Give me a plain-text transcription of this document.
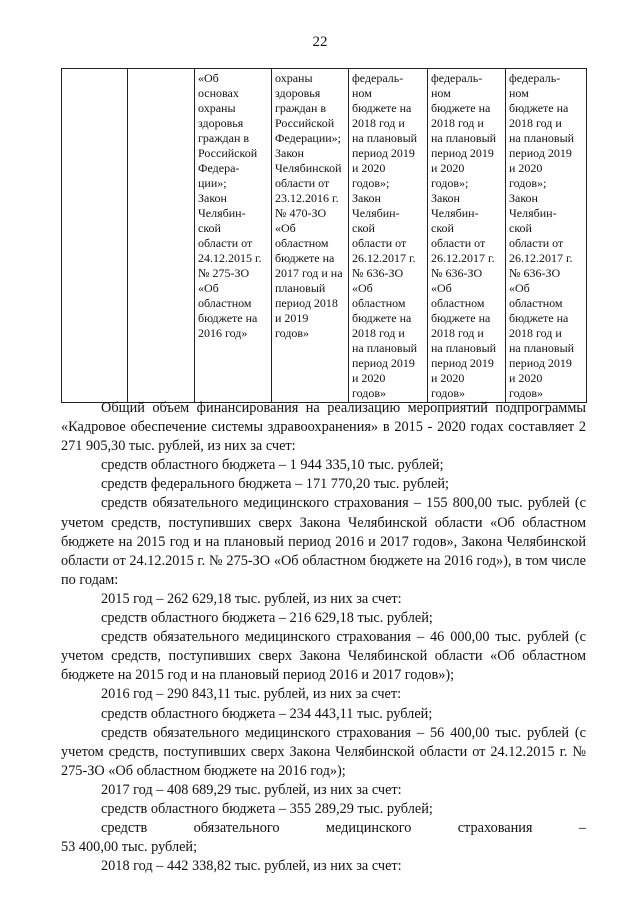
22
		«Об
основах
охраны
здоровья
граждан в
Российской
Федера-
ции»;
Закон
Челябин-
ской
области от
24.12.2015 г.
№ 275-ЗО
«Об
областном
бюджете на
2016 год»	охраны
здоровья
граждан в
Российской
Федерации»;
Закон
Челябинской
области от
23.12.2016 г.
№ 470-ЗО
«Об
областном
бюджете на
2017 год и на
плановый
период 2018
и 2019
годов»	федераль-
ном
бюджете на
2018 год и
на плановый
период 2019
и 2020
годов»;
Закон
Челябин-
ской
области от
26.12.2017 г.
№ 636-ЗО
«Об
областном
бюджете на
2018 год и
на плановый
период 2019
и 2020
годов»	федераль-
ном
бюджете на
2018 год и
на плановый
период 2019
и 2020
годов»;
Закон
Челябин-
ской
области от
26.12.2017 г.
№ 636-ЗО
«Об
областном
бюджете на
2018 год и
на плановый
период 2019
и 2020
годов»	федераль-
ном
бюджете на
2018 год и
на плановый
период 2019
и 2020
годов»;
Закон
Челябин-
ской
области от
26.12.2017 г.
№ 636-ЗО
«Об
областном
бюджете на
2018 год и
на плановый
период 2019
и 2020
годов»
Общий объем финансирования на реализацию мероприятий подпрограммы «Кадровое обеспечение системы здравоохранения» в 2015 - 2020 годах составляет 2 271 905,30 тыс. рублей, из них за счет:
средств областного бюджета – 1 944 335,10 тыс. рублей;
средств федерального бюджета – 171 770,20 тыс. рублей;
средств обязательного медицинского страхования – 155 800,00 тыс. рублей (с учетом средств, поступивших сверх Закона Челябинской области «Об областном бюджете на 2015 год и на плановый период 2016 и 2017 годов», Закона Челябинской области от 24.12.2015 г. № 275-ЗО «Об областном бюджете на 2016 год»), в том числе по годам:
2015 год – 262 629,18 тыс. рублей, из них за счет:
средств областного бюджета – 216 629,18 тыс. рублей;
средств обязательного медицинского страхования – 46 000,00 тыс. рублей (с учетом средств, поступивших сверх Закона Челябинской области «Об областном бюджете на 2015 год и на плановый период 2016 и 2017 годов»);
2016 год – 290 843,11 тыс. рублей, из них за счет:
средств областного бюджета – 234 443,11 тыс. рублей;
средств обязательного медицинского страхования – 56 400,00 тыс. рублей (с учетом средств, поступивших сверх Закона Челябинской области от 24.12.2015 г. № 275-ЗО «Об областном бюджете на 2016 год»);
2017 год – 408 689,29 тыс. рублей, из них за счет:
средств областного бюджета – 355 289,29 тыс. рублей;
средств обязательного медицинского страхования –
53 400,00 тыс. рублей;
2018 год – 442 338,82 тыс. рублей, из них за счет:
